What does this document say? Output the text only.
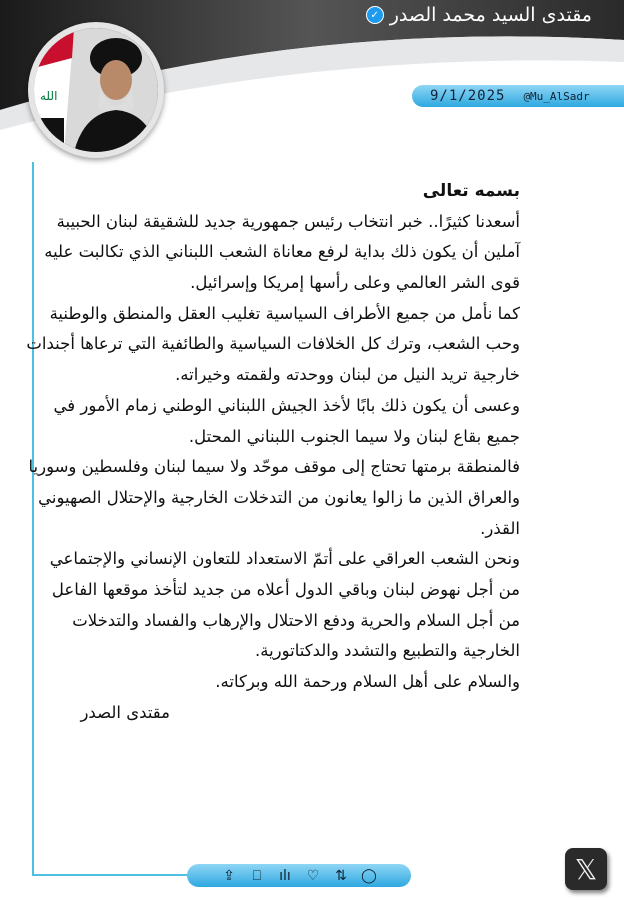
مقتدى السيد محمد الصدر
✓
الله	9/1/2025 @Mu_AlSadr
بسمه تعالى
أسعدنا كثيرًا.. خبر انتخاب رئيس جمهورية جديد للشقيقة لبنان الحبيبة
آملين أن يكون ذلك بداية لرفع معاناة الشعب اللبناني الذي تكالبت عليه
قوى الشر العالمي وعلى رأسها إمريكا وإسرائيل.
كما نأمل من جميع الأطراف السياسية تغليب العقل والمنطق والوطنية
وحب الشعب، وترك كل الخلافات السياسية والطائفية التي ترعاها أجندات
خارجية تريد النيل من لبنان ووحدته ولقمته وخيراته.
وعسى أن يكون ذلك بابًا لأخذ الجيش اللبناني الوطني زمام الأمور في
جميع بقاع لبنان ولا سيما الجنوب اللبناني المحتل.
فالمنطقة برمتها تحتاج إلى موقف موحّد ولا سيما لبنان وفلسطين وسوريا
والعراق الذين ما زالوا يعانون من التدخلات الخارجية والإحتلال الصهيوني
القذر.
ونحن الشعب العراقي على أتمّ الاستعداد للتعاون الإنساني والإجتماعي
من أجل نهوض لبنان وباقي الدول أعلاه من جديد لتأخذ موقعها الفاعل
من أجل السلام والحرية ودفع الاحتلال والإرهاب والفساد والتدخلات
الخارجية والتطبيع والتشدد والدكتاتورية.
والسلام على أهل السلام ورحمة الله وبركاته.
مقتدى الصدر
⇪	⎕	ılı ♡ ⇅ ◯	𝕏
